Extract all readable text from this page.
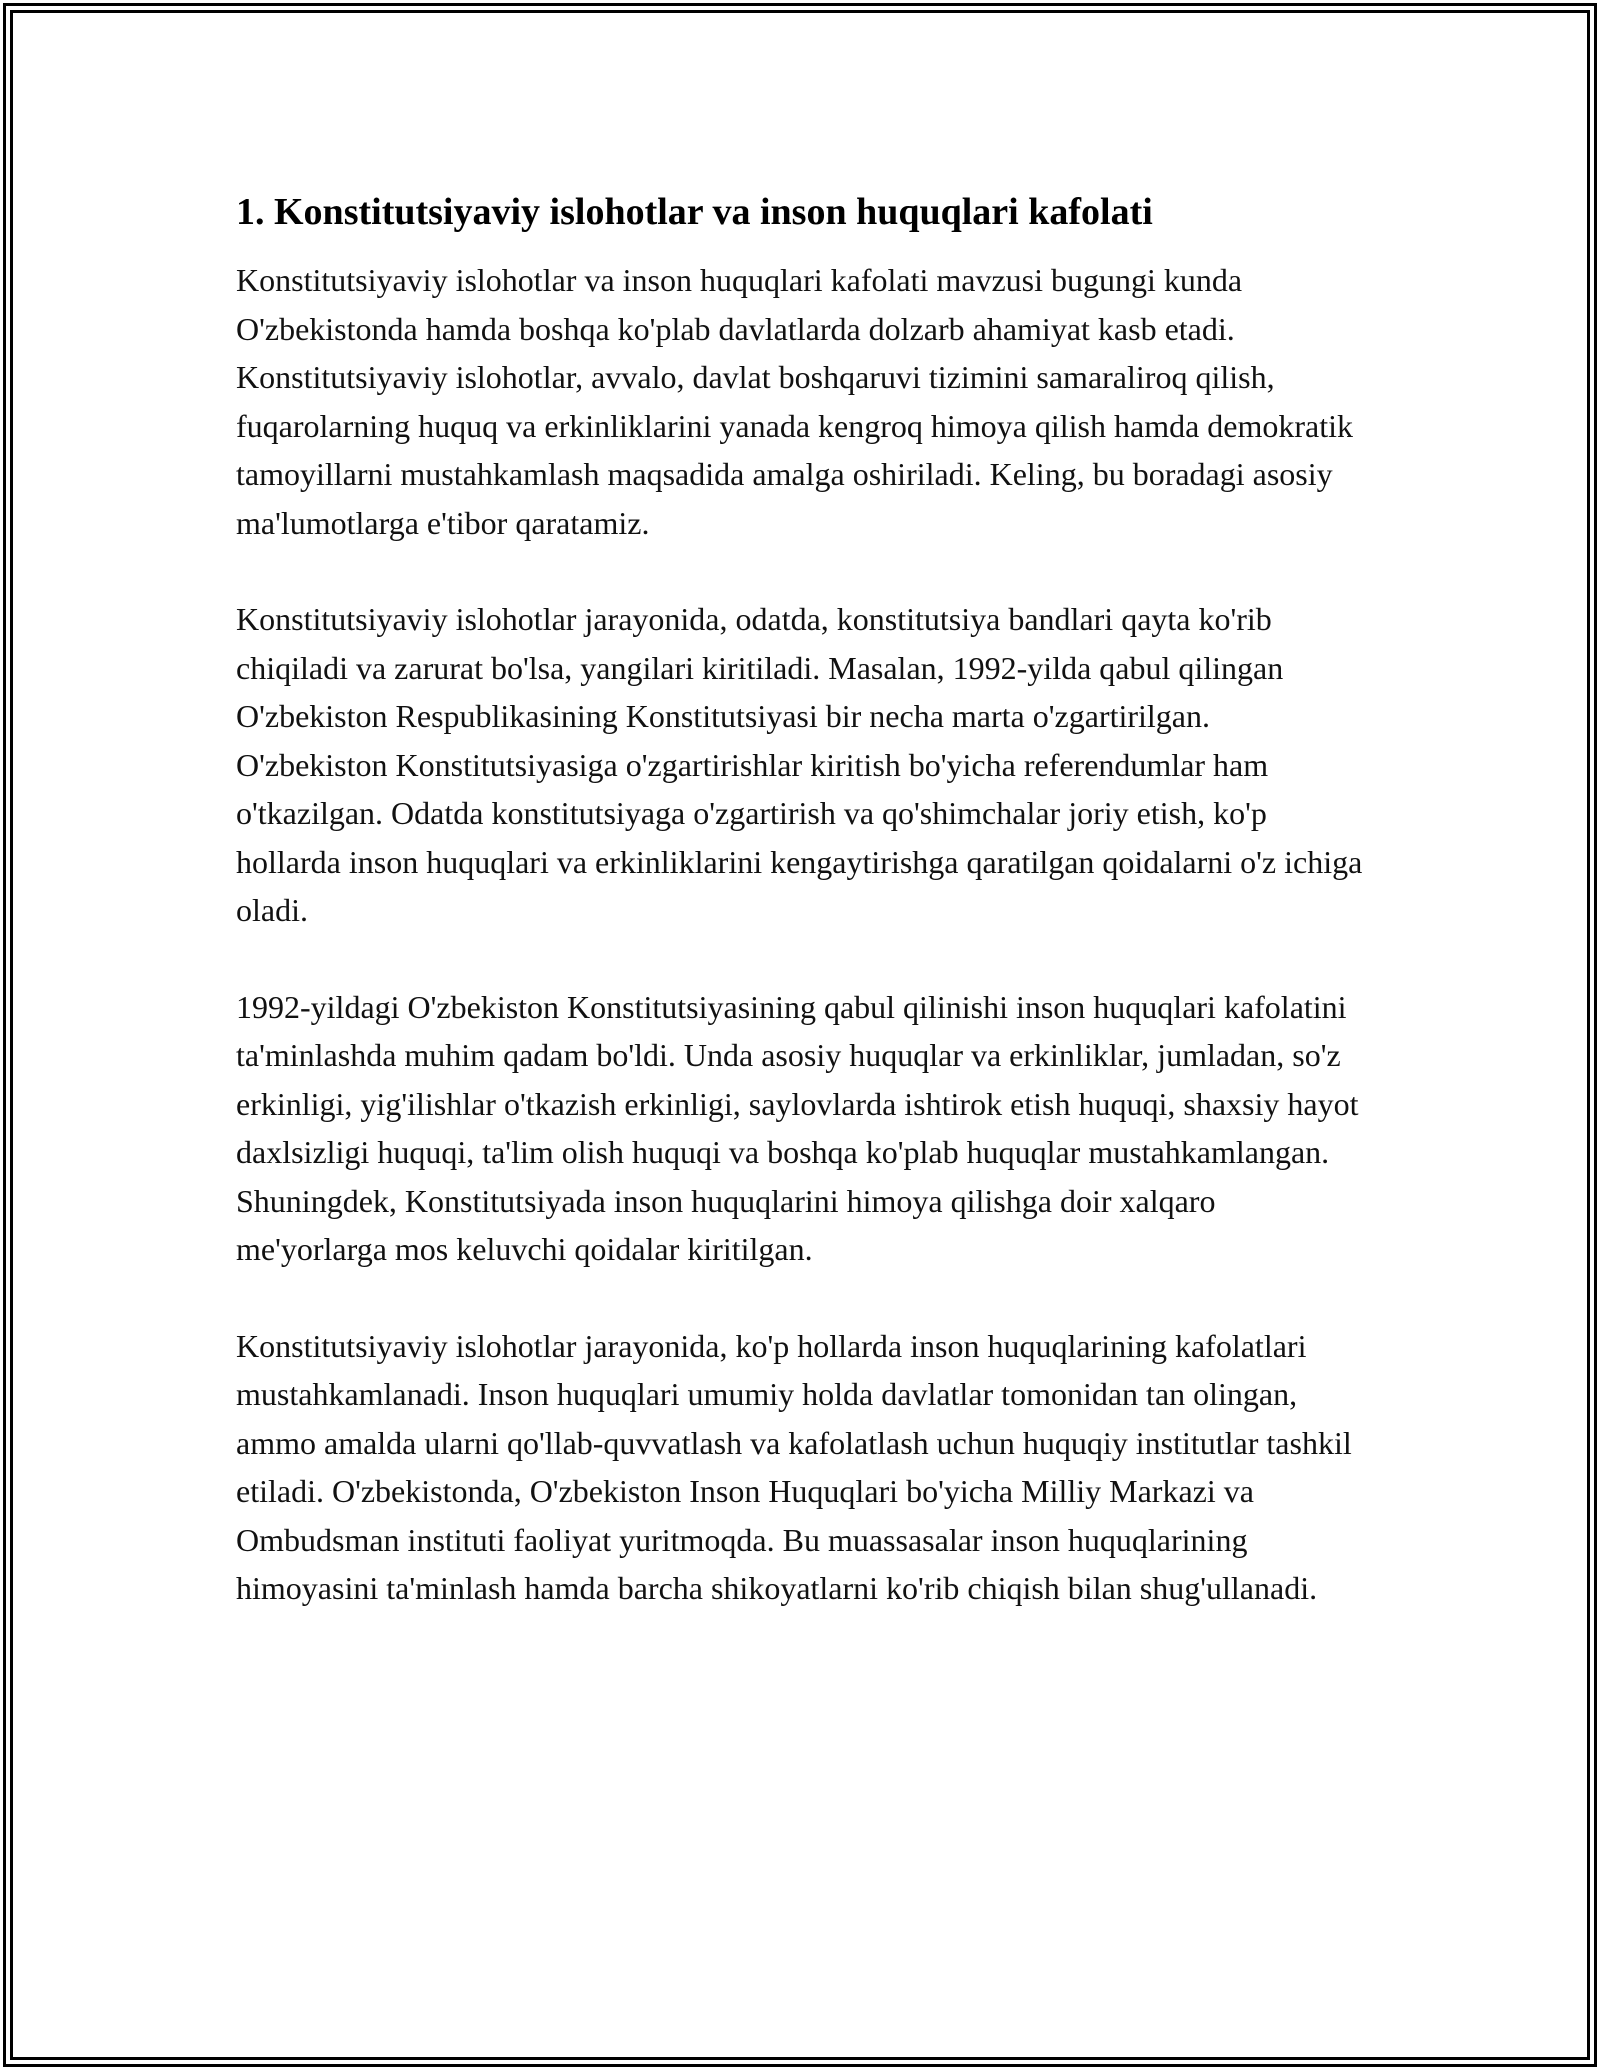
1. Konstitutsiyaviy islohotlar va inson huquqlari kafolati

Konstitutsiyaviy islohotlar va inson huquqlari kafolati mavzusi bugungi kunda O'zbekistonda hamda boshqa ko'plab davlatlarda dolzarb ahamiyat kasb etadi. Konstitutsiyaviy islohotlar, avvalo, davlat boshqaruvi tizimini samaraliroq qilish, fuqarolarning huquq va erkinliklarini yanada kengroq himoya qilish hamda demokratik tamoyillarni mustahkamlash maqsadida amalga oshiriladi. Keling, bu boradagi asosiy ma'lumotlarga e'tibor qaratamiz.

Konstitutsiyaviy islohotlar jarayonida, odatda, konstitutsiya bandlari qayta ko'rib chiqiladi va zarurat bo'lsa, yangilari kiritiladi. Masalan, 1992-yilda qabul qilingan O'zbekiston Respublikasining Konstitutsiyasi bir necha marta o'zgartirilgan. O'zbekiston Konstitutsiyasiga o'zgartirishlar kiritish bo'yicha referendumlar ham o'tkazilgan. Odatda konstitutsiyaga o'zgartirish va qo'shimchalar joriy etish, ko'p hollarda inson huquqlari va erkinliklarini kengaytirishga qaratilgan qoidalarni o'z ichiga oladi.

1992-yildagi O'zbekiston Konstitutsiyasining qabul qilinishi inson huquqlari kafolatini ta'minlashda muhim qadam bo'ldi. Unda asosiy huquqlar va erkinliklar, jumladan, so'z erkinligi, yig'ilishlar o'tkazish erkinligi, saylovlarda ishtirok etish huquqi, shaxsiy hayot daxlsizligi huquqi, ta'lim olish huquqi va boshqa ko'plab huquqlar mustahkamlangan. Shuningdek, Konstitutsiyada inson huquqlarini himoya qilishga doir xalqaro me'yorlarga mos keluvchi qoidalar kiritilgan.

Konstitutsiyaviy islohotlar jarayonida, ko'p hollarda inson huquqlarining kafolatlari mustahkamlanadi. Inson huquqlari umumiy holda davlatlar tomonidan tan olingan, ammo amalda ularni qo'llab-quvvatlash va kafolatlash uchun huquqiy institutlar tashkil etiladi. O'zbekistonda, O'zbekiston Inson Huquqlari bo'yicha Milliy Markazi va Ombudsman instituti faoliyat yuritmoqda. Bu muassasalar inson huquqlarining himoyasini ta'minlash hamda barcha shikoyatlarni ko'rib chiqish bilan shug'ullanadi.
